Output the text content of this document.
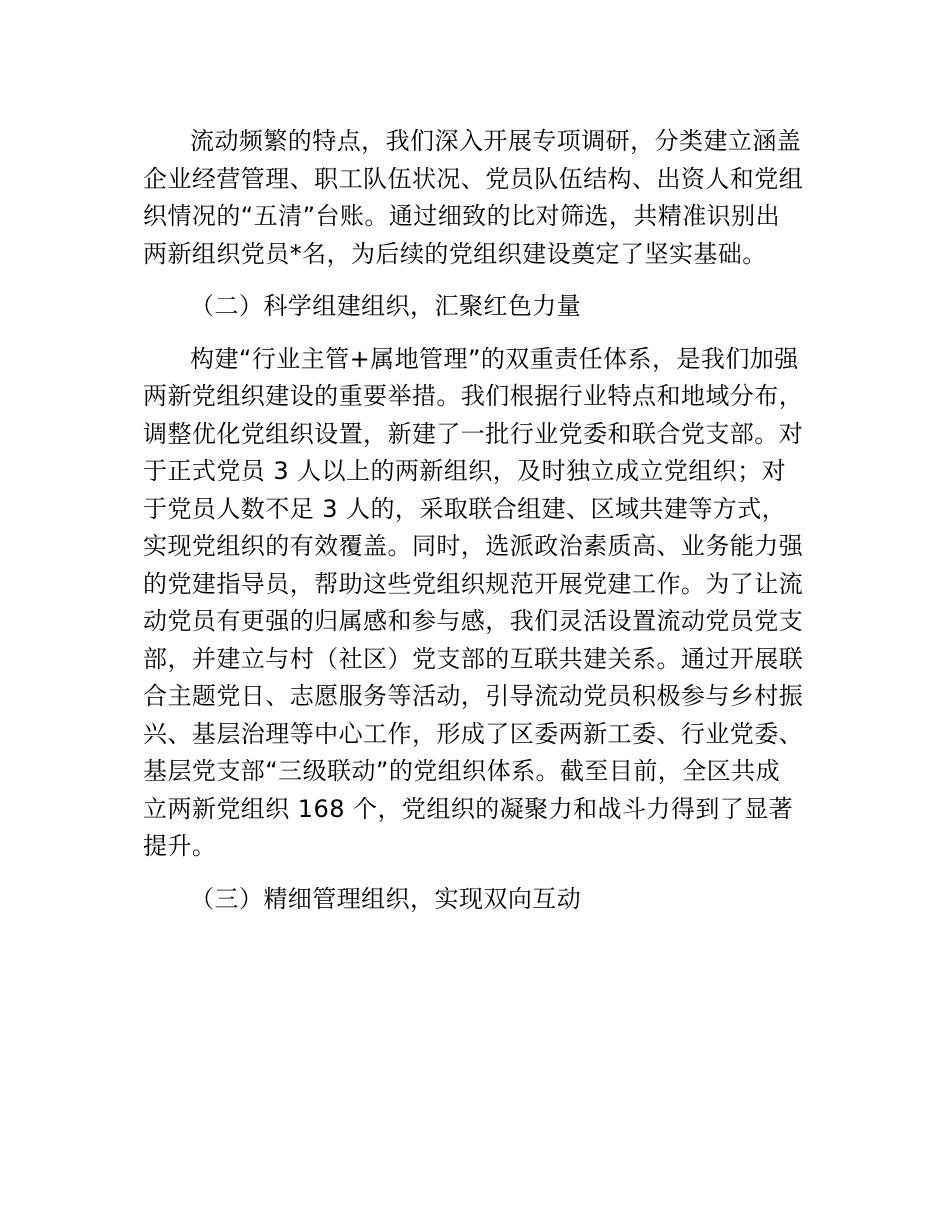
流动频繁的特点，我们深入开展专项调研，分类建立涵盖
企业经营管理、职工队伍状况、党员队伍结构、出资人和党组
织情况的“五清”台账。通过细致的比对筛选，共精准识别出
两新组织党员*名，为后续的党组织建设奠定了坚实基础。
（二）科学组建组织，汇聚红色力量
构建“行业主管+属地管理”的双重责任体系，是我们加强
两新党组织建设的重要举措。我们根据行业特点和地域分布，
调整优化党组织设置，新建了一批行业党委和联合党支部。对
于正式党员 3 人以上的两新组织，及时独立成立党组织；对
于党员人数不足 3 人的，采取联合组建、区域共建等方式，
实现党组织的有效覆盖。同时，选派政治素质高、业务能力强
的党建指导员，帮助这些党组织规范开展党建工作。为了让流
动党员有更强的归属感和参与感，我们灵活设置流动党员党支
部，并建立与村（社区）党支部的互联共建关系。通过开展联
合主题党日、志愿服务等活动，引导流动党员积极参与乡村振
兴、基层治理等中心工作，形成了区委两新工委、行业党委、
基层党支部“三级联动”的党组织体系。截至目前，全区共成
立两新党组织 168 个，党组织的凝聚力和战斗力得到了显著
提升。
（三）精细管理组织，实现双向互动
